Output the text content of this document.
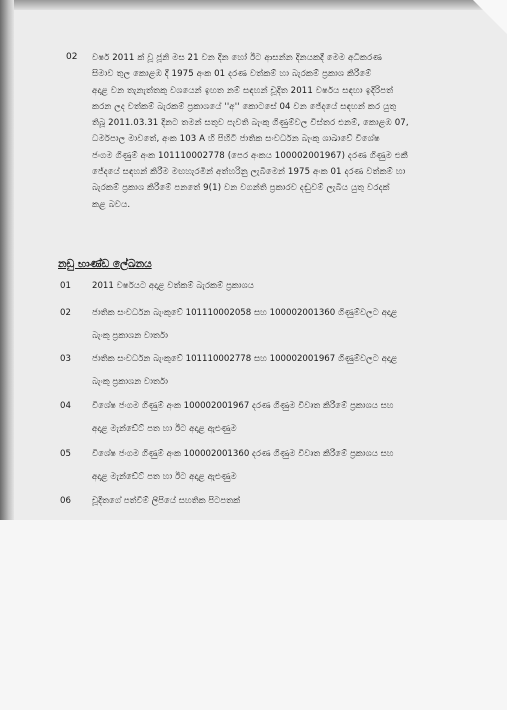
02 වර්ෂ 2011 ක් වූ ජූනි මස 21 වන දින හෝ ඊට ආසන්න දිනයකදී මෙම අධිකරණ
සිමාව තුල කොළඹ දී 1975 අංක 01 දරණ වත්කම් හා බැරකම් ප්‍රකාශ කිරීමේ
අදාළ වන තැනැත්තකු වශයෙන් ඉහත නම් සඳහන් චූදිත 2011 වර්ෂය සඳහා ඉදිරිපත්
කරන ලද වත්කම් බැරකම් ප්‍රකාශයේ ''අ'' කොටසේ 04 වන ජේදයේ සඳහන් කර යුතු
තිබූ 2011.03.31 දිනට තමන් සතුව පැවති බැංකු ගිණුම්වල විස්තර එනම්, කොළඹ 07,
ධර්මපාල මාවතේ, අංක 103 A හි පිහිටි ජාතික සංවර්ධන බැංකු ශාඛාවේ විශේෂ
ජංගම ගිණුම් අංක 101110002778 (පෙර අංකය 100002001967) දරණ ගිණුම එකී
ජේදයේ සඳහන් කිරීම මඟහැරමින් අත්හරිනු ලැබීමෙන් 1975 අංක 01 දරණ වත්කම් හා
බැරකම් ප්‍රකාශ කිරීමේ පනතේ 9(1) වන වගන්ති ප්‍රකාරව දඬුවම් ලැබිය යුතු වරදක්
කළ බවය.
නඩු භාණ්ඩ ලේඛනය
01	2011 වර්ෂයට අදාළ වත්කම් බැරකම් ප්‍රකාශය
02	ජාතික සංවර්ධන බැංකුවේ 101110002058 සහ 100002001360 ගිණුම්වලට අදාළ
බැංකු ප්‍රකාශන වාර්තා
03	ජාතික සංවර්ධන බැංකුවේ 101110002778 සහ 100002001967 ගිණුම්වලට අදාළ
බැංකු ප්‍රකාශන වාර්තා
04	විශේෂ ජංගම ගිණුම් අංක 100002001967 දරණ ගිණුම විවෘත කිරීමේ ප්‍රකාශය සහ
අදාළ මැන්ඩේට් පත හා ඊට අදාළ ඇළුණුම
05	විශේෂ ජංගම ගිණුම් අංක 100002001360 දරණ ගිණුම විවෘත කිරීමේ ප්‍රකාශය සහ
අදාළ මැන්ඩේට් පත හා ඊට අදාළ ඇළුණුම
06	චූදිතගේ පත්වීම් ලිපියේ සහතික පිටපතක්
